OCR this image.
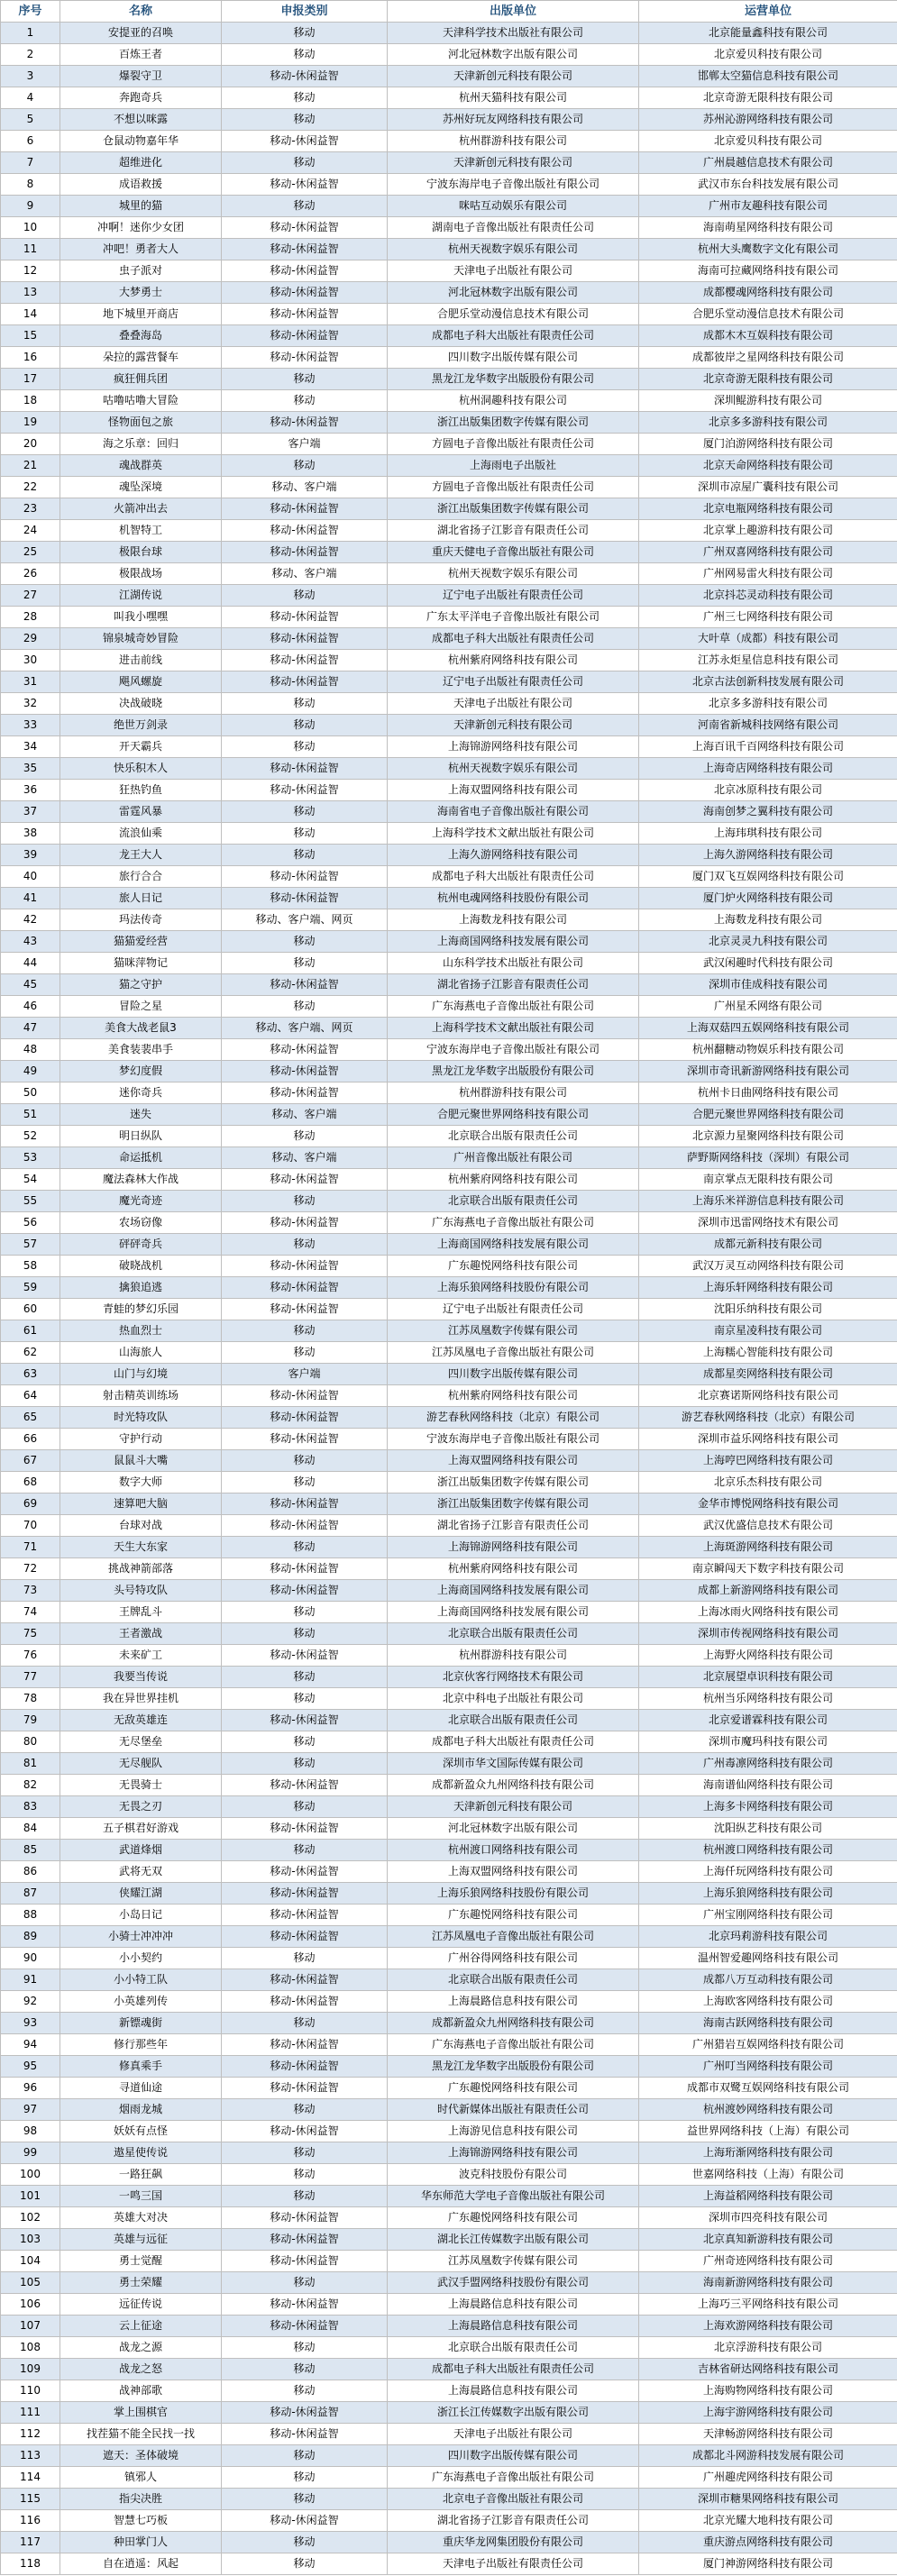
序号	名称	申报类别	出版单位	运营单位
1	安提亚的召唤	移动	天津科学技术出版社有限公司	北京能量鑫科技有限公司
2	百炼王者	移动	河北冠林数字出版有限公司	北京爱贝科技有限公司
3	爆裂守卫	移动-休闲益智	天津新创元科技有限公司	邯郸太空猫信息科技有限公司
4	奔跑奇兵	移动	杭州天猫科技有限公司	北京奇游无限科技有限公司
5	不想以咪露	移动	苏州好玩友网络科技有限公司	苏州沁游网络科技有限公司
6	仓鼠动物嘉年华	移动-休闲益智	杭州群游科技有限公司	北京爱贝科技有限公司
7	超维进化	移动	天津新创元科技有限公司	广州晨越信息技术有限公司
8	成语救援	移动-休闲益智	宁波东海岸电子音像出版社有限公司	武汉市东台科技发展有限公司
9	城里的猫	移动	咪咕互动娱乐有限公司	广州市友趣科技有限公司
10	冲啊！迷你少女团	移动-休闲益智	湖南电子音像出版社有限责任公司	海南萌星网络科技有限公司
11	冲吧！勇者大人	移动-休闲益智	杭州天视数字娱乐有限公司	杭州大头鹰数字文化有限公司
12	虫子派对	移动-休闲益智	天津电子出版社有限公司	海南可拉藏网络科技有限公司
13	大梦勇士	移动-休闲益智	河北冠林数字出版有限公司	成都樱魂网络科技有限公司
14	地下城里开商店	移动-休闲益智	合肥乐堂动漫信息技术有限公司	合肥乐堂动漫信息技术有限公司
15	叠叠海岛	移动-休闲益智	成都电子科大出版社有限责任公司	成都木木互娱科技有限公司
16	朵拉的露营餐车	移动-休闲益智	四川数字出版传媒有限公司	成都彼岸之星网络科技有限公司
17	疯狂佣兵团	移动	黑龙江龙华数字出版股份有限公司	北京奇游无限科技有限公司
18	咕噜咕噜大冒险	移动	杭州洞趣科技有限公司	深圳鲲游科技有限公司
19	怪物面包之旅	移动-休闲益智	浙江出版集团数字传媒有限公司	北京多多游科技有限公司
20	海之乐章：回归	客户端	方圆电子音像出版社有限责任公司	厦门泊游网络科技有限公司
21	魂战群英	移动	上海雨电子出版社	北京天命网络科技有限公司
22	魂坠深境	移动、客户端	方圆电子音像出版社有限责任公司	深圳市凉屋广囊科技有限公司
23	火箭冲出去	移动-休闲益智	浙江出版集团数字传媒有限公司	北京电瓶网络科技有限公司
24	机智特工	移动-休闲益智	湖北省扬子江影音有限责任公司	北京掌上趣游科技有限公司
25	极限台球	移动-休闲益智	重庆天健电子音像出版社有限公司	广州双喜网络科技有限公司
26	极限战场	移动、客户端	杭州天视数字娱乐有限公司	广州网易雷火科技有限公司
27	江湖传说	移动	辽宁电子出版社有限责任公司	北京抖芯灵动科技有限公司
28	叫我小嘿嘿	移动-休闲益智	广东太平洋电子音像出版社有限公司	广州三七网络科技有限公司
29	锦泉城奇妙冒险	移动-休闲益智	成都电子科大出版社有限责任公司	大叶草（成都）科技有限公司
30	进击前线	移动-休闲益智	杭州紫府网络科技有限公司	江苏永炬星信息科技有限公司
31	飓风螺旋	移动-休闲益智	辽宁电子出版社有限责任公司	北京古法创新科技发展有限公司
32	决战破晓	移动	天津电子出版社有限公司	北京多多游科技有限公司
33	绝世万剑录	移动	天津新创元科技有限公司	河南省新城科技网络有限公司
34	开天霸兵	移动	上海锦游网络科技有限公司	上海百讯千百网络科技有限公司
35	快乐积木人	移动-休闲益智	杭州天视数字娱乐有限公司	上海奇店网络科技有限公司
36	狂热钓鱼	移动-休闲益智	上海双盟网络科技有限公司	北京冰原科技有限公司
37	雷霆风暴	移动	海南省电子音像出版社有限公司	海南创梦之翼科技有限公司
38	流浪仙乘	移动	上海科学技术文献出版社有限公司	上海玮琪科技有限公司
39	龙王大人	移动	上海久游网络科技有限公司	上海久游网络科技有限公司
40	旅行合合	移动-休闲益智	成都电子科大出版社有限责任公司	厦门双飞互娱网络科技有限公司
41	旅人日记	移动-休闲益智	杭州电魂网络科技股份有限公司	厦门炉火网络科技有限公司
42	玛法传奇	移动、客户端、网页	上海数龙科技有限公司	上海数龙科技有限公司
43	猫猫爱经营	移动	上海商国网络科技发展有限公司	北京灵灵九科技有限公司
44	猫咪萍物记	移动	山东科学技术出版社有限公司	武汉闲趣时代科技有限公司
45	猫之守护	移动-休闲益智	湖北省扬子江影音有限责任公司	深圳市佳成科技有限公司
46	冒险之星	移动	广东海燕电子音像出版社有限公司	广州星禾网络有限公司
47	美食大战老鼠3	移动、客户端、网页	上海科学技术文献出版社有限公司	上海双菇四五娱网络科技有限公司
48	美食装裴串手	移动-休闲益智	宁波东海岸电子音像出版社有限公司	杭州翻糖动物娱乐科技有限公司
49	梦幻度假	移动-休闲益智	黑龙江龙华数字出版股份有限公司	深圳市奇讯新游网络科技有限公司
50	迷你奇兵	移动-休闲益智	杭州群游科技有限公司	杭州卡日曲网络科技有限公司
51	迷失	移动、客户端	合肥元聚世界网络科技有限公司	合肥元聚世界网络科技有限公司
52	明日纵队	移动	北京联合出版有限责任公司	北京源力星聚网络科技有限公司
53	命运抵机	移动、客户端	广州音像出版社有限公司	萨野斯网络科技（深圳）有限公司
54	魔法森林大作战	移动-休闲益智	杭州紫府网络科技有限公司	南京掌点无限科技有限公司
55	魔光奇迹	移动	北京联合出版有限责任公司	上海乐米祥游信息科技有限公司
56	农场窃像	移动-休闲益智	广东海燕电子音像出版社有限公司	深圳市迅雷网络技术有限公司
57	砰砰奇兵	移动	上海商国网络科技发展有限公司	成都元新科技有限公司
58	破晓战机	移动-休闲益智	广东趣悦网络科技有限公司	武汉万灵互动网络科技有限公司
59	擒狼追逃	移动-休闲益智	上海乐狼网络科技股份有限公司	上海乐轩网络科技有限公司
60	青蛙的梦幻乐园	移动-休闲益智	辽宁电子出版社有限责任公司	沈阳乐纳科技有限公司
61	热血烈士	移动	江苏凤凰数字传媒有限公司	南京星凌科技有限公司
62	山海旅人	移动	江苏凤凰电子音像出版社有限公司	上海糯心智能科技有限公司
63	山门与幻境	客户端	四川数字出版传媒有限公司	成都星奕网络科技有限公司
64	射击精英训练场	移动-休闲益智	杭州紫府网络科技有限公司	北京赛诺斯网络科技有限公司
65	时光特攻队	移动-休闲益智	游艺春秋网络科技（北京）有限公司	游艺春秋网络科技（北京）有限公司
66	守护行动	移动-休闲益智	宁波东海岸电子音像出版社有限公司	深圳市益乐网络科技有限公司
67	鼠鼠斗大嘴	移动	上海双盟网络科技有限公司	上海哼巴网络科技有限公司
68	数字大师	移动	浙江出版集团数字传媒有限公司	北京乐杰科技有限公司
69	速算吧大脑	移动-休闲益智	浙江出版集团数字传媒有限公司	金华市博悦网络科技有限公司
70	台球对战	移动-休闲益智	湖北省扬子江影音有限责任公司	武汉优盛信息技术有限公司
71	天生大东家	移动	上海锦游网络科技有限公司	上海斑游网络科技有限公司
72	挑战神箭部落	移动-休闲益智	杭州紫府网络科技有限公司	南京瞬闯天下数字科技有限公司
73	头号特攻队	移动-休闲益智	上海商国网络科技发展有限公司	成都上新游网络科技有限公司
74	王牌乱斗	移动	上海商国网络科技发展有限公司	上海冰雨火网络科技有限公司
75	王者激战	移动	北京联合出版有限责任公司	深圳市传视网络科技有限公司
76	未来矿工	移动-休闲益智	杭州群游科技有限公司	上海野火网络科技有限公司
77	我要当传说	移动	北京伙客行网络技术有限公司	北京展望卓识科技有限公司
78	我在异世界挂机	移动	北京中科电子出版社有限公司	杭州当乐网络科技有限公司
79	无敌英雄连	移动-休闲益智	北京联合出版有限责任公司	北京爱谱霖科技有限公司
80	无尽堡垒	移动	成都电子科大出版社有限责任公司	深圳市魔玛科技有限公司
81	无尽舰队	移动	深圳市华文国际传媒有限公司	广州毒凛网络科技有限公司
82	无畏骑士	移动-休闲益智	成都新盈众九州网络科技有限公司	海南谱仙网络科技有限公司
83	无畏之刃	移动	天津新创元科技有限公司	上海多卡网络科技有限公司
84	五子棋君好游戏	移动-休闲益智	河北冠林数字出版有限公司	沈阳纵艺科技有限公司
85	武道烽烟	移动	杭州渡口网络科技有限公司	杭州渡口网络科技有限公司
86	武将无双	移动-休闲益智	上海双盟网络科技有限公司	上海仟玩网络科技有限公司
87	侠耀江湖	移动-休闲益智	上海乐狼网络科技股份有限公司	上海乐狼网络科技有限公司
88	小岛日记	移动-休闲益智	广东趣悦网络科技有限公司	广州宝刚网络科技有限公司
89	小骑士冲冲冲	移动-休闲益智	江苏凤凰电子音像出版社有限公司	北京玛莉游科技有限公司
90	小小契约	移动	广州谷得网络科技有限公司	温州智爱趣网络科技有限公司
91	小小特工队	移动-休闲益智	北京联合出版有限责任公司	成都八万互动科技有限公司
92	小英雄列传	移动-休闲益智	上海晨路信息科技有限公司	上海欧客网络科技有限公司
93	新镖魂街	移动	成都新盈众九州网络科技有限公司	海南古跃网络科技有限公司
94	修行那些年	移动-休闲益智	广东海燕电子音像出版社有限公司	广州猎岩互娱网络科技有限公司
95	修真乘手	移动-休闲益智	黑龙江龙华数字出版股份有限公司	广州叮当网络科技有限公司
96	寻道仙途	移动-休闲益智	广东趣悦网络科技有限公司	成都市双鹭互娱网络科技有限公司
97	烟雨龙城	移动	时代新媒体出版社有限责任公司	杭州渡妙网络科技有限公司
98	妖妖有点怪	移动-休闲益智	上海游见信息科技有限公司	益世界网络科技（上海）有限公司
99	遨星使传说	移动	上海锦游网络科技有限公司	上海珩渐网络科技有限公司
100	一路狂飙	移动	波克科技股份有限公司	世嘉网络科技（上海）有限公司
101	一鸣三国	移动	华东师范大学电子音像出版社有限公司	上海益稻网络科技有限公司
102	英雄大对决	移动-休闲益智	广东趣悦网络科技有限公司	深圳市四亮科技有限公司
103	英雄与远征	移动-休闲益智	湖北长江传媒数字出版有限公司	北京真知新游科技有限公司
104	勇士觉醒	移动-休闲益智	江苏凤凰数字传媒有限公司	广州奇迹网络科技有限公司
105	勇士荣耀	移动	武汉手盟网络科技股份有限公司	海南新游网络科技有限公司
106	远征传说	移动-休闲益智	上海晨路信息科技有限公司	上海巧三平网络科技有限公司
107	云上征途	移动-休闲益智	上海晨路信息科技有限公司	上海欢游网络科技有限公司
108	战龙之源	移动	北京联合出版有限责任公司	北京浮游科技有限公司
109	战龙之怒	移动	成都电子科大出版社有限责任公司	吉林省研达网络科技有限公司
110	战神部歌	移动	上海晨路信息科技有限公司	上海购物网络科技有限公司
111	掌上围棋官	移动-休闲益智	浙江长江传媒数字出版有限公司	上海宇游网络科技有限公司
112	找茬猫不能全民找一找	移动-休闲益智	天津电子出版社有限公司	天津畅游网络科技有限公司
113	遮天：圣体破境	移动	四川数字出版传媒有限公司	成都北斗网游科技发展有限公司
114	镇邪人	移动	广东海燕电子音像出版社有限公司	广州趣虎网络科技有限公司
115	指尖决胜	移动	北京电子音像出版社有限公司	深圳市糖果网络科技有限公司
116	智慧七巧板	移动-休闲益智	湖北省扬子江影音有限责任公司	北京光耀大地科技有限公司
117	种田掌门人	移动	重庆华龙网集团股份有限公司	重庆游点网络科技有限公司
118	自在逍遥：风起	移动	天津电子出版社有限责任公司	厦门神游网络科技有限公司
